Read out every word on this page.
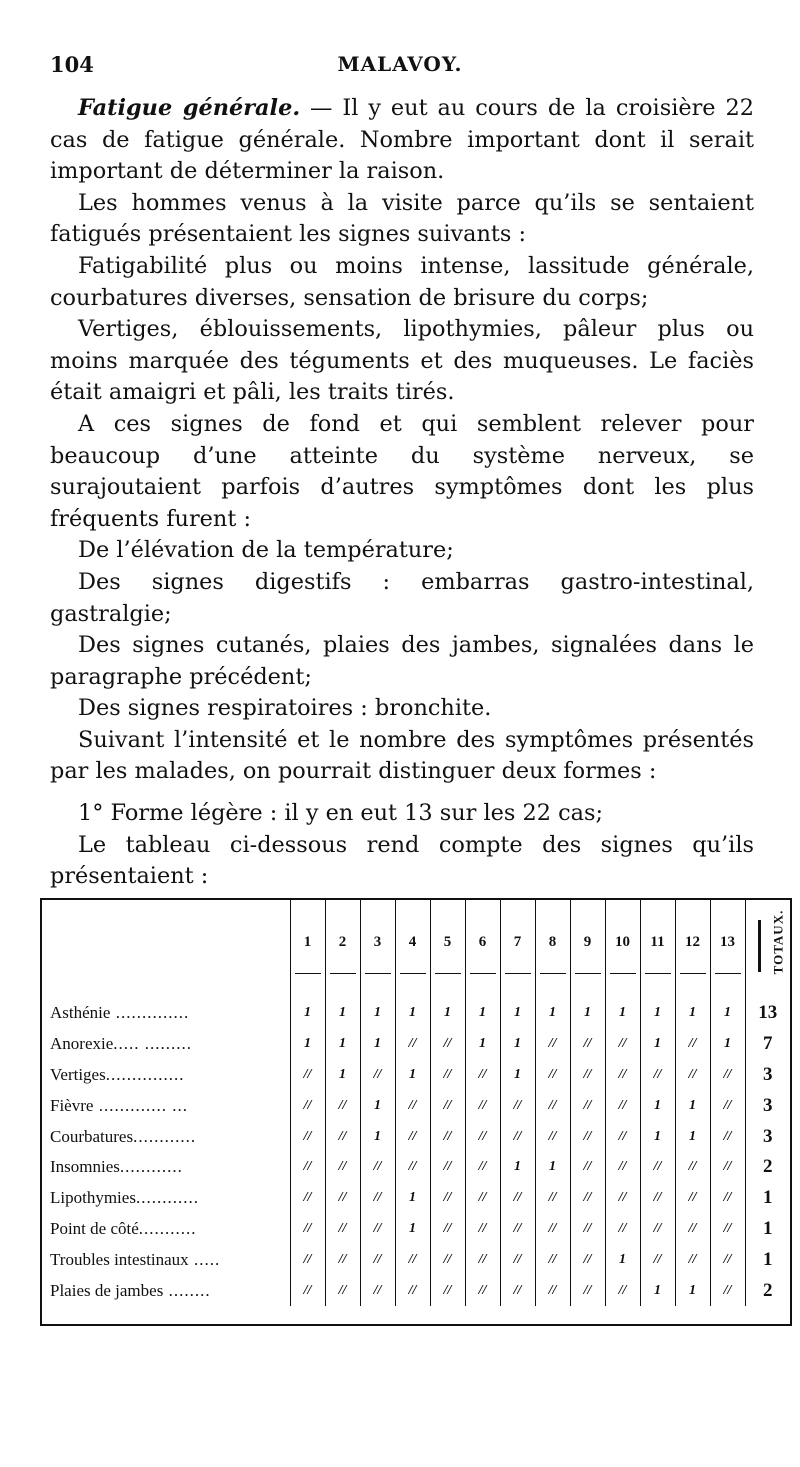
104	MALAVOY.

Fatigue générale. — Il y eut au cours de la croisière 22 cas de fatigue générale. Nombre important dont il serait important de déterminer la raison.

Les hommes venus à la visite parce qu’ils se sentaient fatigués présentaient les signes suivants :

Fatigabilité plus ou moins intense, lassitude générale, courbatures diverses, sensation de brisure du corps;

Vertiges, éblouissements, lipothymies, pâleur plus ou moins marquée des téguments et des muqueuses. Le faciès était amaigri et pâli, les traits tirés.

A ces signes de fond et qui semblent relever pour beaucoup d’une atteinte du système nerveux, se surajoutaient parfois d’autres symptômes dont les plus fréquents furent :

De l’élévation de la température;

Des signes digestifs : embarras gastro-intestinal, gastralgie;

Des signes cutanés, plaies des jambes, signalées dans le paragraphe précédent;

Des signes respiratoires : bronchite.

Suivant l’intensité et le nombre des symptômes présentés par les malades, on pourrait distinguer deux formes :

1° Forme légère : il y en eut 13 sur les 22 cas;

Le tableau ci-dessous rend compte des signes qu’ils présentaient :

	1	2	3	4	5	6	7	8	9	10	11	12	13	TOTAUX.

Asthénie ..............	1	1	1	1	1	1	1	1	1	1	1	1	1	13
Anorexie..... .........	1	1	1	//	//	1	1	//	//	//	1	//	1	7
Vertiges...............	//	1	//	1	//	//	1	//	//	//	//	//	//	3
Fièvre ............. ...	//	//	1	//	//	//	//	//	//	//	1	1	//	3
Courbatures............	//	//	1	//	//	//	//	//	//	//	1	1	//	3
Insomnies............	//	//	//	//	//	//	1	1	//	//	//	//	//	2
Lipothymies............	//	//	//	1	//	//	//	//	//	//	//	//	//	1
Point de côté...........	//	//	//	1	//	//	//	//	//	//	//	//	//	1
Troubles intestinaux .....	//	//	//	//	//	//	//	//	//	1	//	//	//	1
Plaies de jambes ........	//	//	//	//	//	//	//	//	//	//	1	1	//	2
